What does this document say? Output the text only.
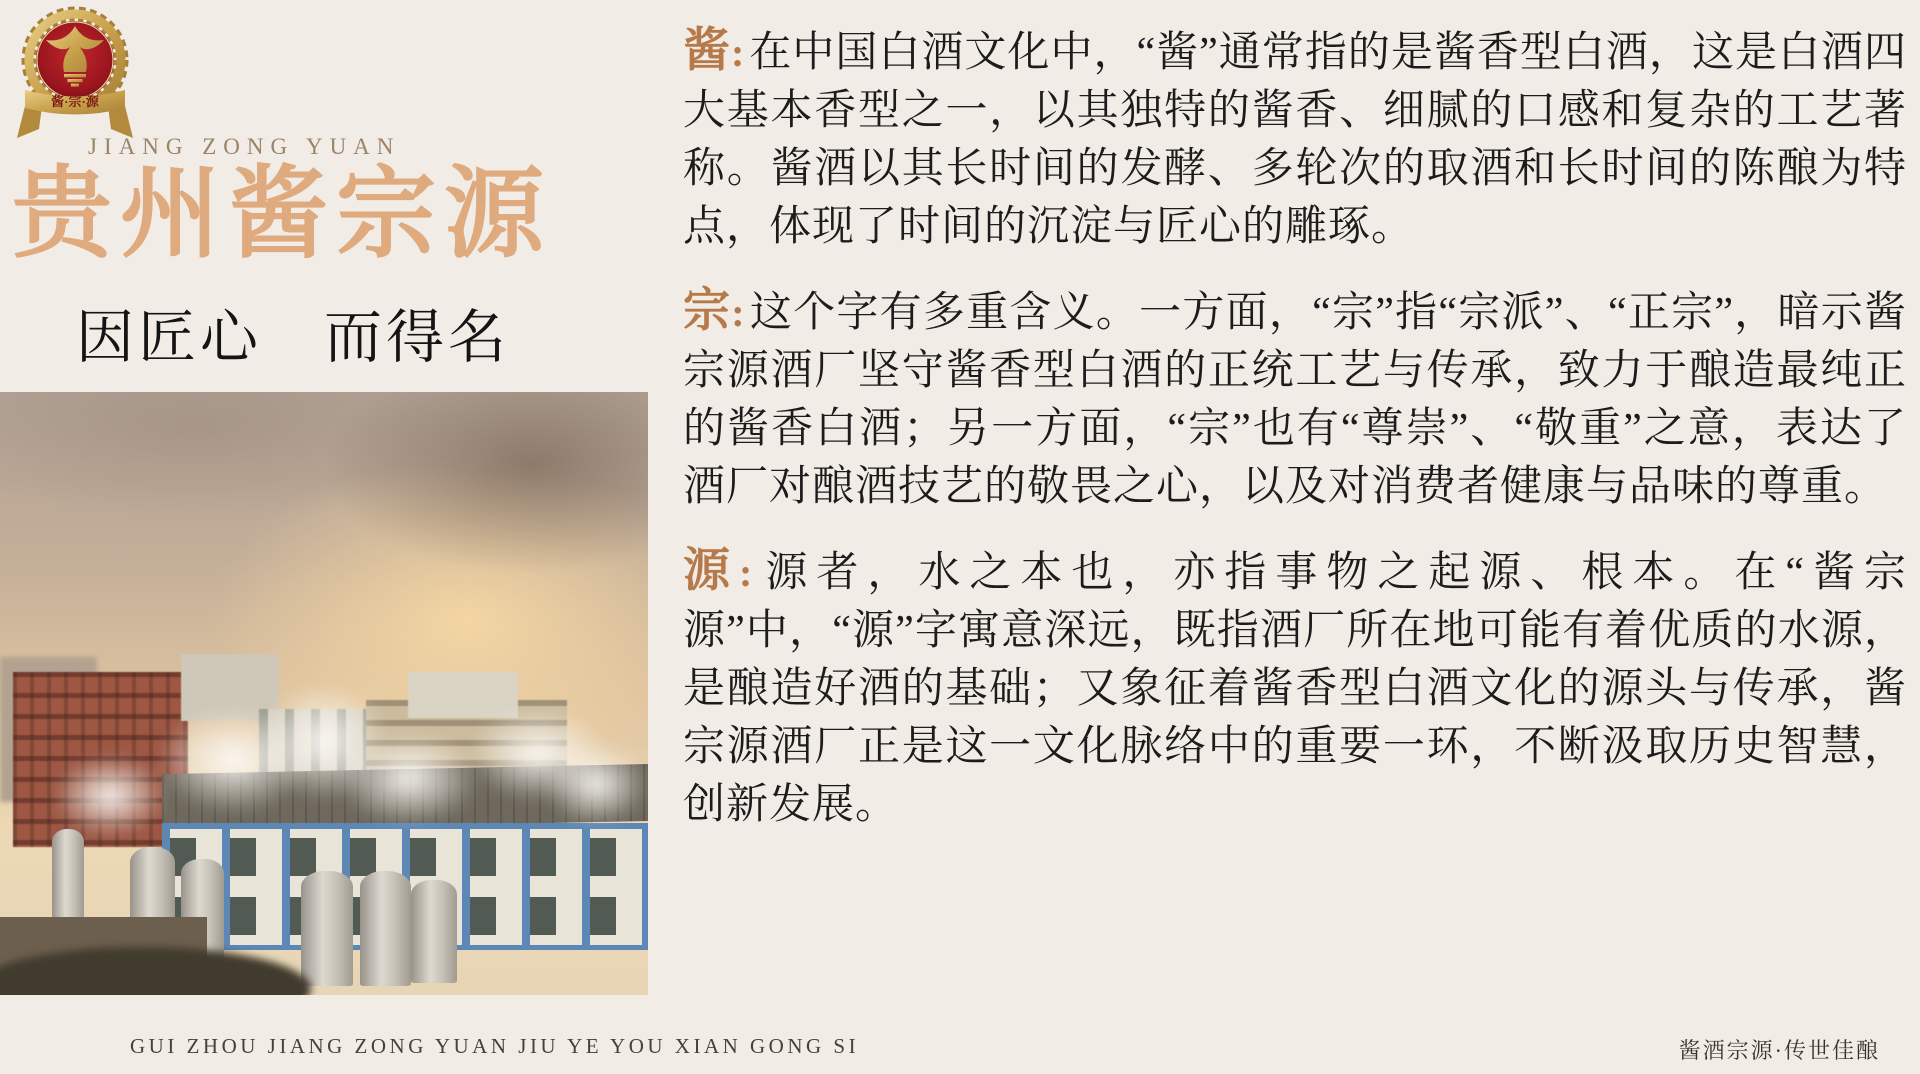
酱·宗·源
JIANG ZONG YUAN
贵州酱宗源
因匠心　而得名

酱:在中国白酒文化中，“酱”通常指的是酱香型白酒，这是白酒四大基本香型之一，以其独特的酱香、细腻的口感和复杂的工艺著称。酱酒以其长时间的发酵、多轮次的取酒和长时间的陈酿为特点，体现了时间的沉淀与匠心的雕琢。

宗:这个字有多重含义。一方面，“宗”指“宗派”、“正宗”，暗示酱宗源酒厂坚守酱香型白酒的正统工艺与传承，致力于酿造最纯正的酱香白酒；另一方面，“宗”也有“尊崇”、“敬重”之意，表达了酒厂对酿酒技艺的敬畏之心，以及对消费者健康与品味的尊重。

源:源者，水之本也，亦指事物之起源、根本。在“酱宗源”中，“源”字寓意深远，既指酒厂所在地可能有着优质的水源，是酿造好酒的基础；又象征着酱香型白酒文化的源头与传承，酱宗源酒厂正是这一文化脉络中的重要一环，不断汲取历史智慧，创新发展。

GUI ZHOU JIANG ZONG YUAN JIU YE YOU XIAN GONG SI	酱酒宗源·传世佳酿
